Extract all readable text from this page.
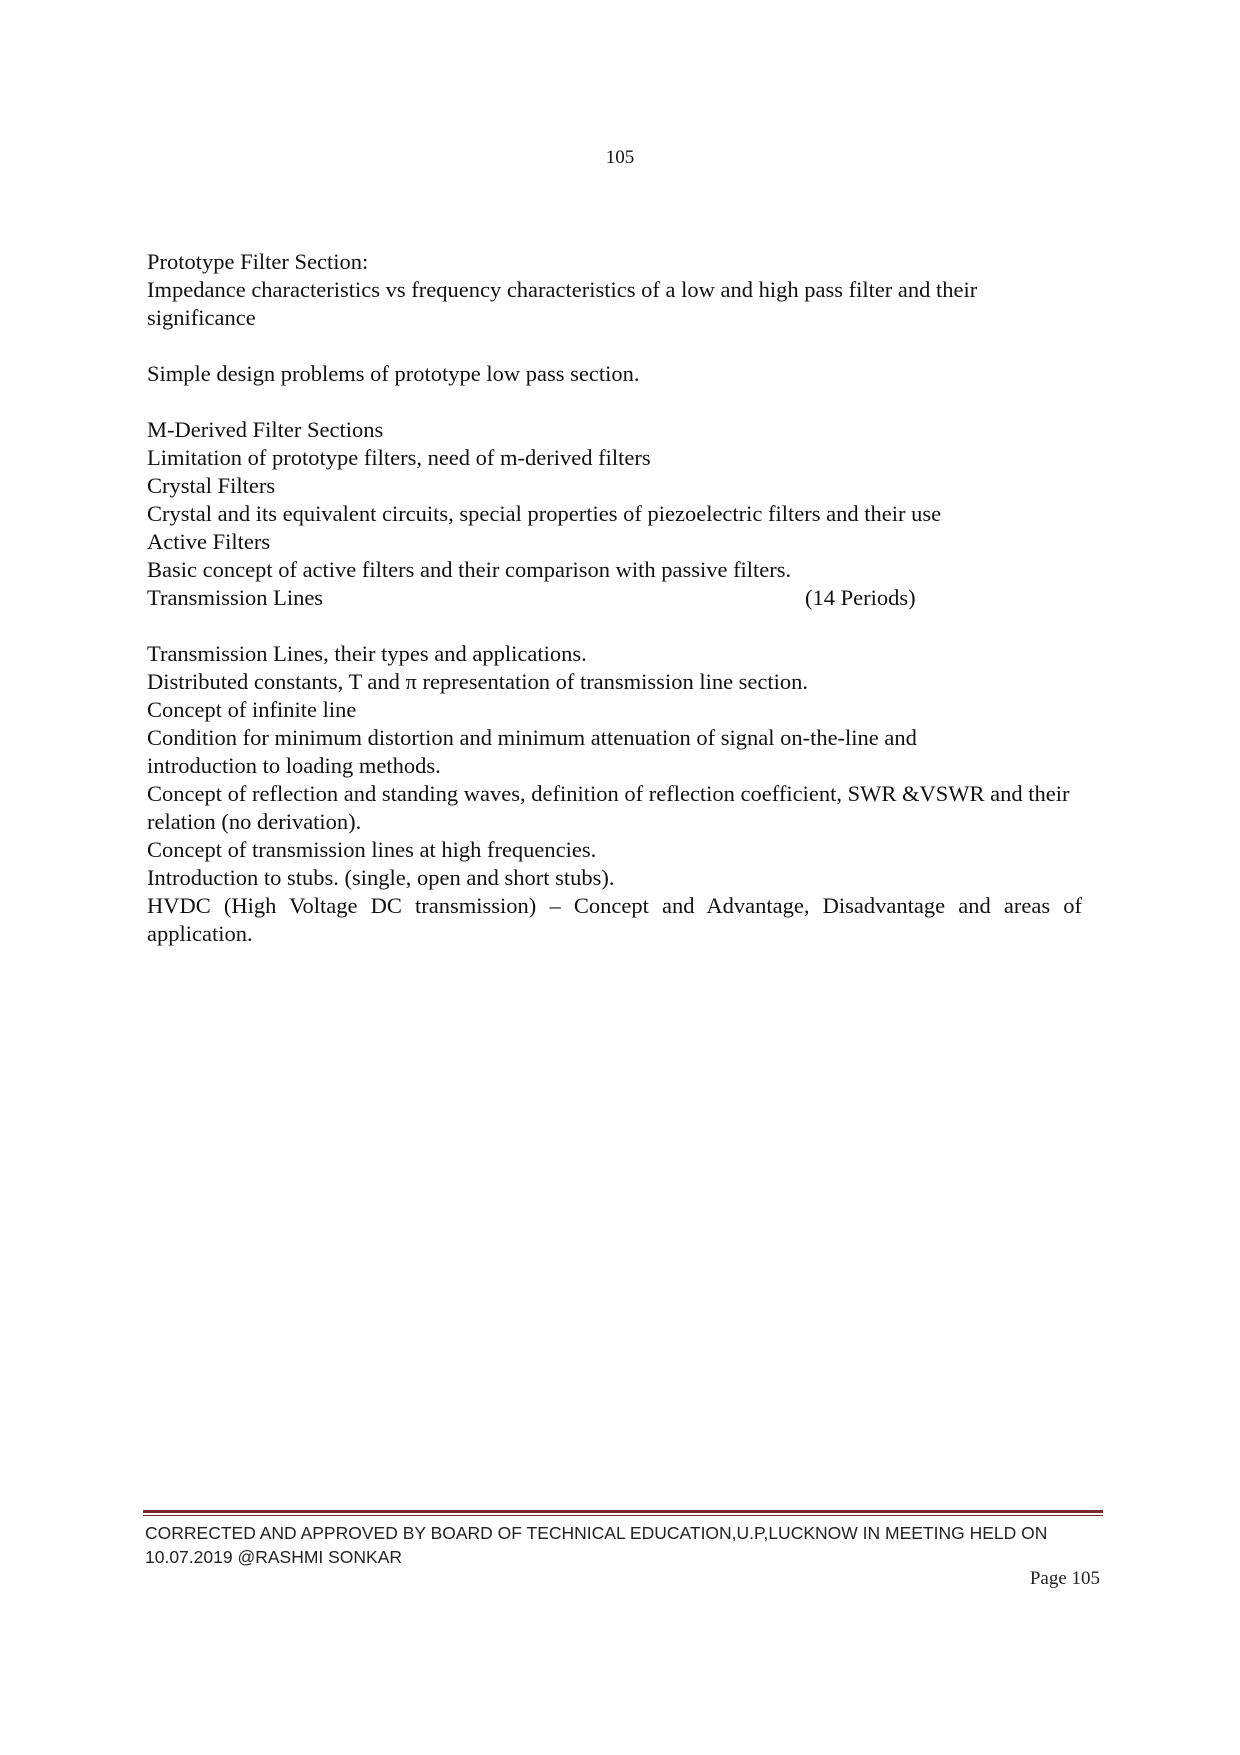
105
Prototype Filter Section:
Impedance characteristics vs frequency characteristics of a low and high pass filter and their significance
Simple design problems of prototype low pass section.
M-Derived Filter Sections
Limitation of prototype filters, need of m-derived filters
Crystal Filters
Crystal and its equivalent circuits, special properties of piezoelectric filters and their use
Active Filters
Basic concept of active filters and their comparison with passive filters.
Transmission Lines	(14 Periods)
Transmission Lines, their types and applications.
Distributed constants, T and π representation of transmission line section.
Concept of infinite line
Condition for minimum distortion and minimum attenuation of signal on-the-line and introduction to loading methods.
Concept of reflection and standing waves, definition of reflection coefficient, SWR &VSWR and their relation (no derivation).
Concept of transmission lines at high frequencies.
Introduction to stubs. (single, open and short stubs).
HVDC (High Voltage DC transmission) – Concept and Advantage, Disadvantage and areas of application.
CORRECTED AND APPROVED BY BOARD OF TECHNICAL EDUCATION,U.P,LUCKNOW IN MEETING HELD ON 10.07.2019 @RASHMI SONKAR
Page 105
